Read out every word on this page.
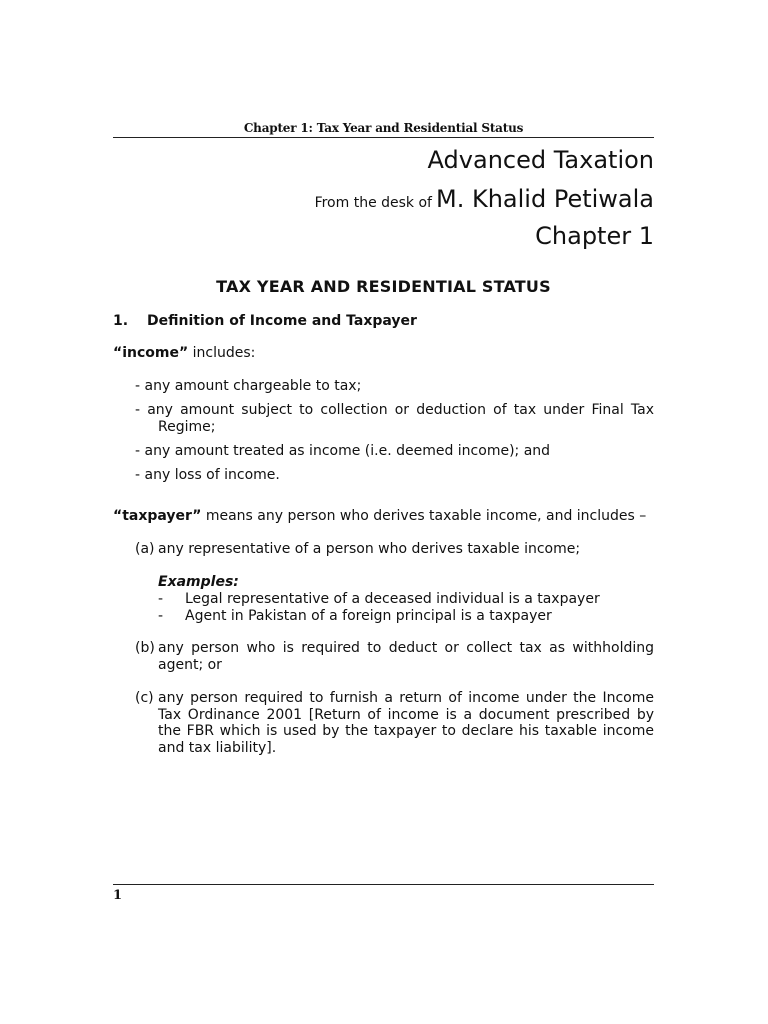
Chapter 1: Tax Year and Residential Status
Advanced Taxation
From the desk of M. Khalid Petiwala
Chapter 1
TAX YEAR AND RESIDENTIAL STATUS
1. Definition of Income and Taxpayer
“income” includes:
- any amount chargeable to tax;
- any amount subject to collection or deduction of tax under Final Tax Regime;
- any amount treated as income (i.e. deemed income); and
- any loss of income.
“taxpayer” means any person who derives taxable income, and includes –
(a) any representative of a person who derives taxable income;
Examples:
- Legal representative of a deceased individual is a taxpayer
- Agent in Pakistan of a foreign principal is a taxpayer
(b) any person who is required to deduct or collect tax as withholding agent; or
(c) any person required to furnish a return of income under the Income Tax Ordinance 2001 [Return of income is a document prescribed by the FBR which is used by the taxpayer to declare his taxable income and tax liability].
1
